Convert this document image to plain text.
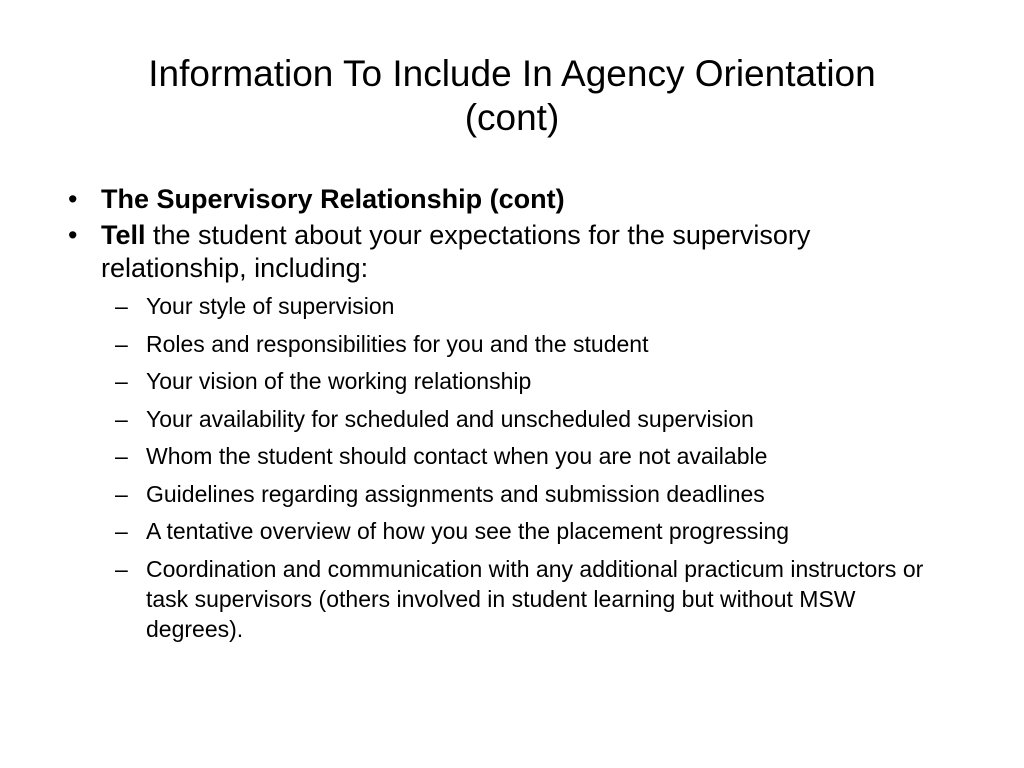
Information To Include In Agency Orientation
(cont)
• The Supervisory Relationship (cont)
• Tell the student about your expectations for the supervisory relationship, including:
– Your style of supervision
– Roles and responsibilities for you and the student
– Your vision of the working relationship
– Your availability for scheduled and unscheduled supervision
– Whom the student should contact when you are not available
– Guidelines regarding assignments and submission deadlines
– A tentative overview of how you see the placement progressing
– Coordination and communication with any additional practicum instructors or task supervisors (others involved in student learning but without MSW degrees).
